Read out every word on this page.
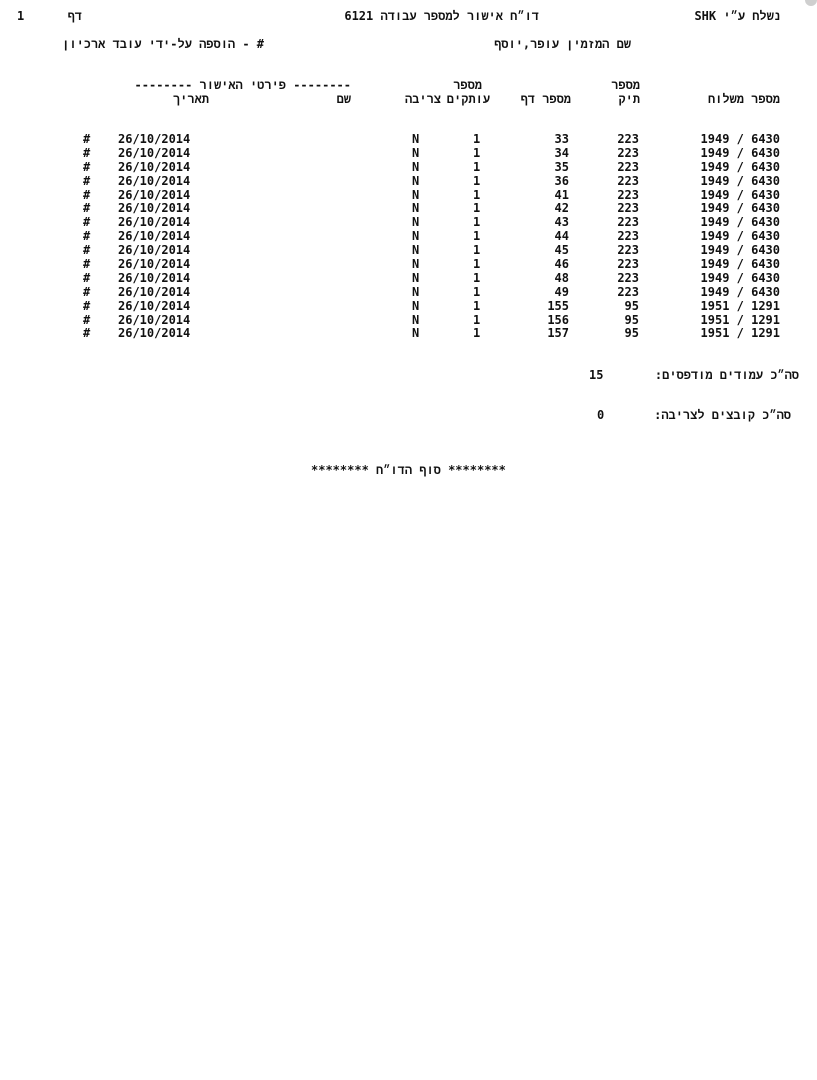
נשלח ע״י SHK
דו״ח אישור למספר עבודה 6121
דף
1
שם המזמין עופר,יוסף
# - הוספה על-ידי עובד ארכיון
-------- פירטי האישור --------	מספר	מספר
תאריך	שם	צריבה עותקים	מספר דף	תיק	מספר משלוח
# 26/10/2014	N	1	33	223	1949 / 6430
# 26/10/2014	N	1	34	223	1949 / 6430
# 26/10/2014	N	1	35	223	1949 / 6430
# 26/10/2014	N	1	36	223	1949 / 6430
# 26/10/2014	N	1	41	223	1949 / 6430
# 26/10/2014	N	1	42	223	1949 / 6430
# 26/10/2014	N	1	43	223	1949 / 6430
# 26/10/2014	N	1	44	223	1949 / 6430
# 26/10/2014	N	1	45	223	1949 / 6430
# 26/10/2014	N	1	46	223	1949 / 6430
# 26/10/2014	N	1	48	223	1949 / 6430
# 26/10/2014	N	1	49	223	1949 / 6430
# 26/10/2014	N	1	155	95	1951 / 1291
# 26/10/2014	N	1	156	95	1951 / 1291
# 26/10/2014	N	1	157	95	1951 / 1291
סה״כ עמודים מודפסים:
15
סה״כ קובצים לצריבה:
0
******** סוף הדו״ח ********
